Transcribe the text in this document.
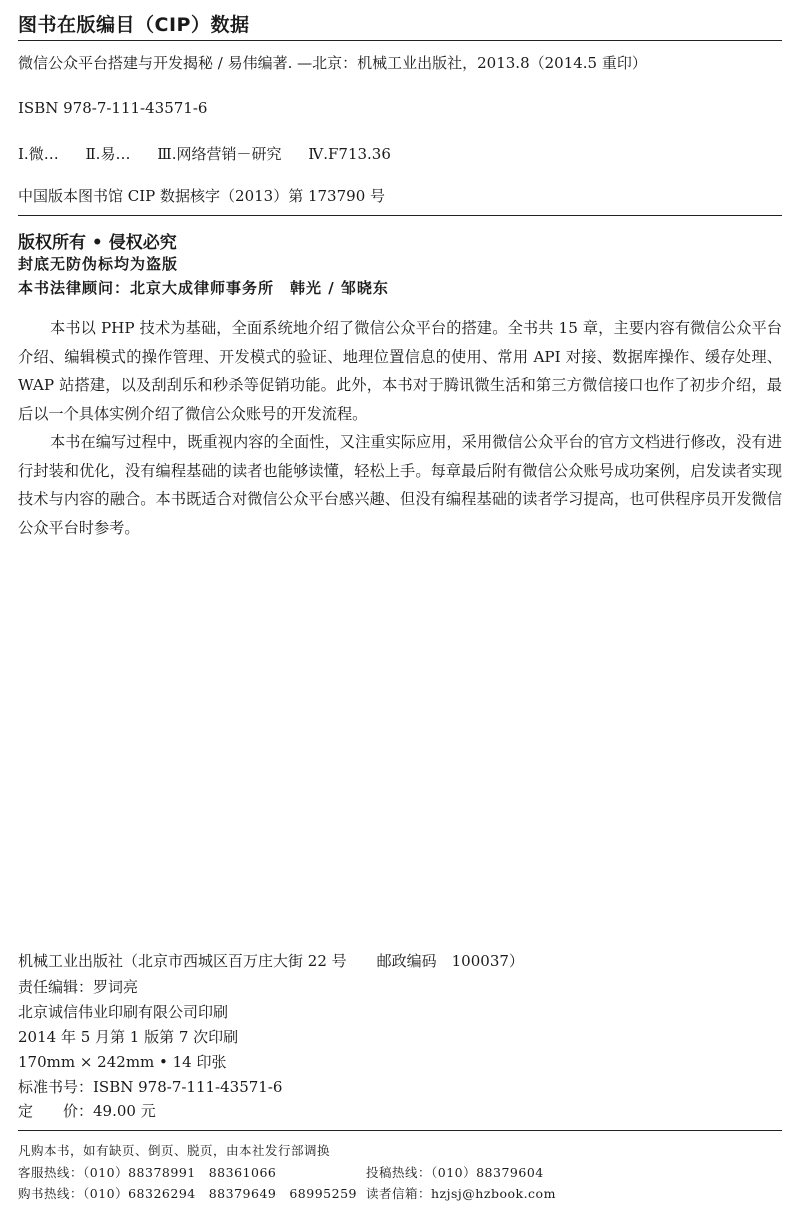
图书在版编目（CIP）数据
微信公众平台搭建与开发揭秘 / 易伟编著. —北京：机械工业出版社，2013.8（2014.5 重印）
ISBN 978-7-111-43571-6
Ⅰ.微… Ⅱ.易… Ⅲ.网络营销－研究 Ⅳ.F713.36
中国版本图书馆 CIP 数据核字（2013）第 173790 号
版权所有 • 侵权必究
封底无防伪标均为盗版
本书法律顾问：北京大成律师事务所　韩光 / 邹晓东
本书以 PHP 技术为基础，全面系统地介绍了微信公众平台的搭建。全书共 15 章，主要内容有微信公众平台介绍、编辑模式的操作管理、开发模式的验证、地理位置信息的使用、常用 API 对接、数据库操作、缓存处理、WAP 站搭建，以及刮刮乐和秒杀等促销功能。此外，本书对于腾讯微生活和第三方微信接口也作了初步介绍，最后以一个具体实例介绍了微信公众账号的开发流程。
本书在编写过程中，既重视内容的全面性，又注重实际应用，采用微信公众平台的官方文档进行修改，没有进行封装和优化，没有编程基础的读者也能够读懂，轻松上手。每章最后附有微信公众账号成功案例，启发读者实现技术与内容的融合。本书既适合对微信公众平台感兴趣、但没有编程基础的读者学习提高，也可供程序员开发微信公众平台时参考。
机械工业出版社（北京市西城区百万庄大街 22 号 邮政编码　100037）
责任编辑：罗词亮
北京诚信伟业印刷有限公司印刷
2014 年 5 月第 1 版第 7 次印刷
170mm × 242mm • 14 印张
标准书号：ISBN 978-7-111-43571-6
定　　价：49.00 元
凡购本书，如有缺页、倒页、脱页，由本社发行部调换
客服热线：（010）88378991　88361066	投稿热线：（010）88379604
购书热线：（010）68326294　88379649　68995259 读者信箱：hzjsj@hzbook.com
